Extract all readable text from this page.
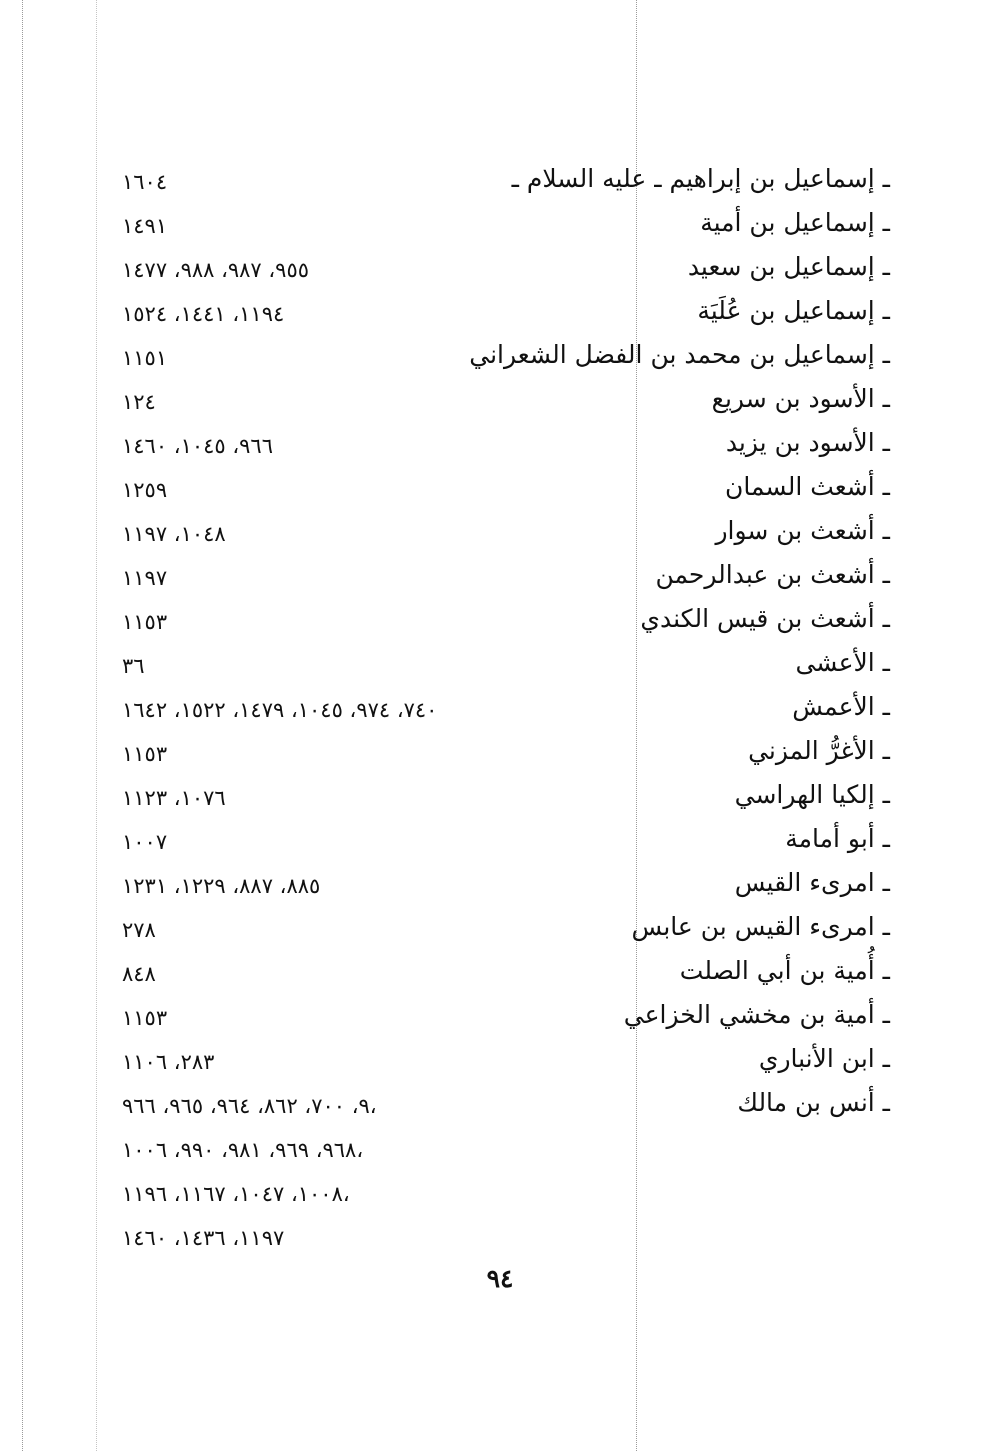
ـ إسماعيل بن إبراهيم ـ عليه السلام ـ
١٦٠٤
ـ إسماعيل بن أمية
١٤٩١
ـ إسماعيل بن سعيد
٩٥٥، ٩٨٧، ٩٨٨، ١٤٧٧
ـ إسماعيل بن عُلَيَة
١١٩٤، ١٤٤١، ١٥٢٤
ـ إسماعيل بن محمد بن الفضل الشعراني
١١٥١
ـ الأسود بن سريع
١٢٤
ـ الأسود بن يزيد
٩٦٦، ١٠٤٥، ١٤٦٠
ـ أشعث السمان
١٢٥٩
ـ أشعث بن سوار
١٠٤٨، ١١٩٧
ـ أشعث بن عبدالرحمن
١١٩٧
ـ أشعث بن قيس الكندي
١١٥٣
ـ الأعشى
٣٦
ـ الأعمش
٧٤٠، ٩٧٤، ١٠٤٥، ١٤٧٩، ١٥٢٢، ١٦٤٢
ـ الأغرُّ المزني
١١٥٣
ـ إلكيا الهراسي
١٠٧٦، ١١٢٣
ـ أبو أمامة
١٠٠٧
ـ امرىء القيس
٨٨٥، ٨٨٧، ١٢٢٩، ١٢٣١
ـ امرىء القيس بن عابس
٢٧٨
ـ أُمية بن أبي الصلت
٨٤٨
ـ أمية بن مخشي الخزاعي
١١٥٣
ـ ابن الأنباري
٢٨٣، ١١٠٦
ـ أنس بن مالك
٩، ٧٠٠، ٨٦٢، ٩٦٤، ٩٦٥، ٩٦٦،
٩٦٨، ٩٦٩، ٩٨١، ٩٩٠، ١٠٠٦،
١٠٠٨، ١٠٤٧، ١١٦٧، ١١٩٦،
١١٩٧، ١٤٣٦، ١٤٦٠
٩٤
